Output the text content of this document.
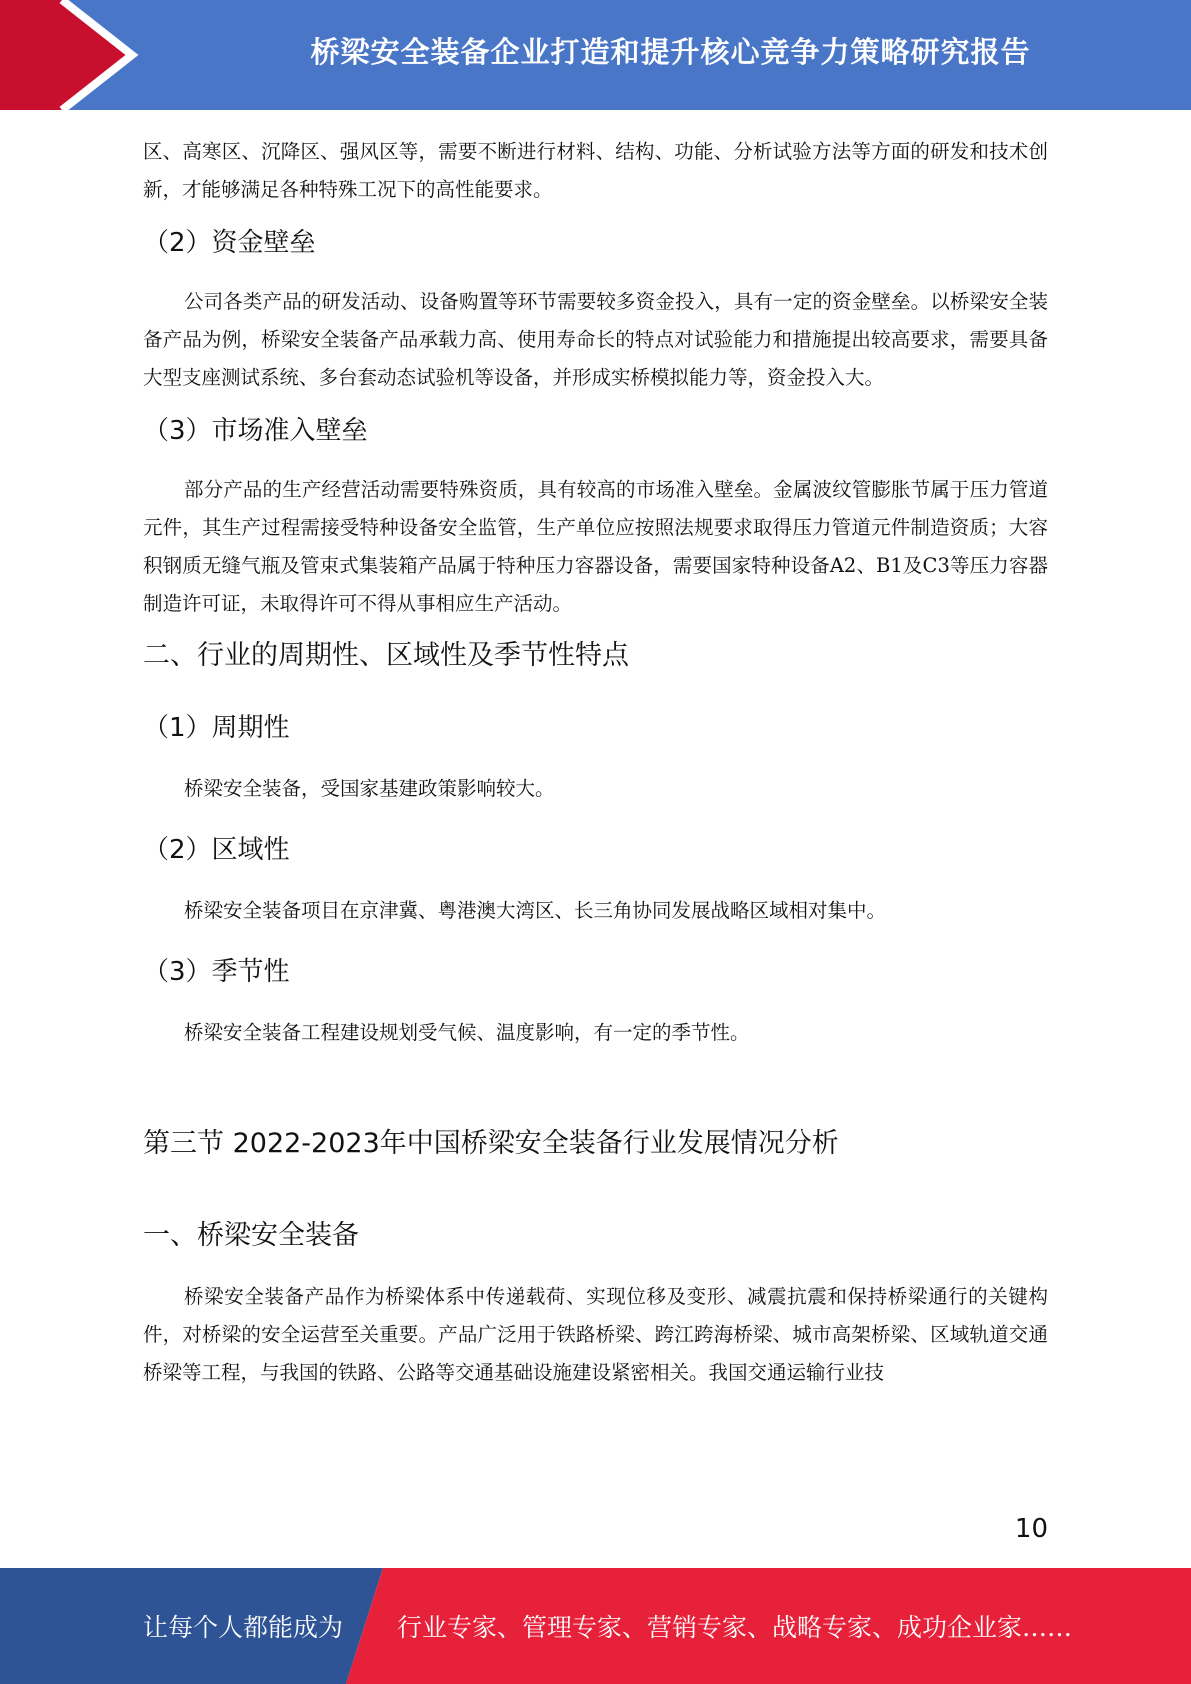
桥梁安全装备企业打造和提升核心竞争力策略研究报告

区、高寒区、沉降区、强风区等，需要不断进行材料、结构、功能、分析试验方法等方面的研发和技术创新，才能够满足各种特殊工况下的高性能要求。

（2）资金壁垒

公司各类产品的研发活动、设备购置等环节需要较多资金投入，具有一定的资金壁垒。以桥梁安全装备产品为例，桥梁安全装备产品承载力高、使用寿命长的特点对试验能力和措施提出较高要求，需要具备大型支座测试系统、多台套动态试验机等设备，并形成实桥模拟能力等，资金投入大。

（3）市场准入壁垒

部分产品的生产经营活动需要特殊资质，具有较高的市场准入壁垒。金属波纹管膨胀节属于压力管道元件，其生产过程需接受特种设备安全监管，生产单位应按照法规要求取得压力管道元件制造资质；大容积钢质无缝气瓶及管束式集装箱产品属于特种压力容器设备，需要国家特种设备A2、B1及C3等压力容器制造许可证，未取得许可不得从事相应生产活动。

二、行业的周期性、区域性及季节性特点

（1）周期性

桥梁安全装备，受国家基建政策影响较大。

（2）区域性

桥梁安全装备项目在京津冀、粤港澳大湾区、长三角协同发展战略区域相对集中。

（3）季节性

桥梁安全装备工程建设规划受气候、温度影响，有一定的季节性。

第三节 2022-2023年中国桥梁安全装备行业发展情况分析

一、桥梁安全装备

桥梁安全装备产品作为桥梁体系中传递载荷、实现位移及变形、减震抗震和保持桥梁通行的关键构件，对桥梁的安全运营至关重要。产品广泛用于铁路桥梁、跨江跨海桥梁、城市高架桥梁、区域轨道交通桥梁等工程，与我国的铁路、公路等交通基础设施建设紧密相关。我国交通运输行业技

10
让每个人都能成为 行业专家、管理专家、营销专家、战略专家、成功企业家……
